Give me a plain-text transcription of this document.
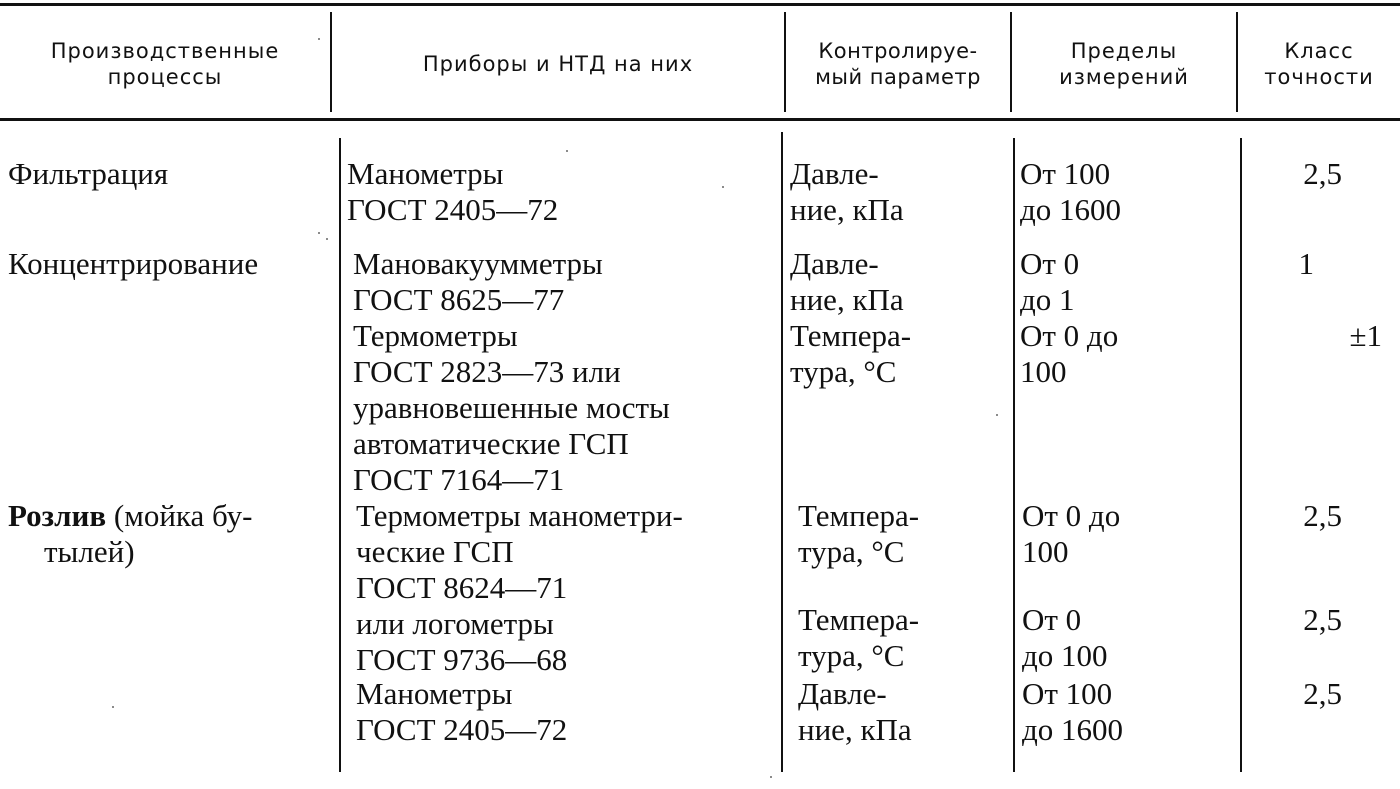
Производственные
процессы
Приборы и НТД на них
Контролируе-
мый параметр
Пределы
измерений
Класс
точности
Фильтрация	Манометры
ГОСТ 2405—72
Давле-
ние, кПа
От 100
до 1600
2,5
Концентрирование	Мановакуумметры
ГОСТ 8625—77
Давле-
ние, кПа
От 0
до 1
1
Термометры
ГОСТ 2823—73 или
уравновешенные мосты
автоматические ГСП
ГОСТ 7164—71
Темпера-
тура, °С
От 0 до
100
±1
Розлив (мойка бу-
тылей)
Термометры манометри-
ческие ГСП
ГОСТ 8624—71
Темпера-
тура, °С
От 0 до
100
2,5
или логометры
ГОСТ 9736—68
Темпера-
тура, °С
От 0
до 100
2,5
Манометры
ГОСТ 2405—72
Давле-
ние, кПа
От 100
до 1600
2,5
